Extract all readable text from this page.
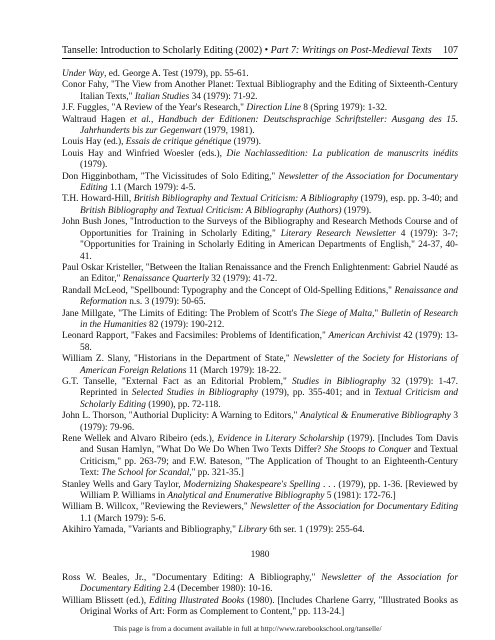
Tanselle: Introduction to Scholarly Editing (2002) • Part 7: Writings on Post-Medieval Texts 107

Under Way, ed. George A. Test (1979), pp. 55-61.

Conor Fahy, "The View from Another Planet: Textual Bibliography and the Editing of Sixteenth-Century Italian Texts," Italian Studies 34 (1979): 71-92.

J.F. Fuggles, "A Review of the Year's Research," Direction Line 8 (Spring 1979): 1-32.

Waltraud Hagen et al., Handbuch der Editionen: Deutschsprachige Schriftsteller: Ausgang des 15. Jahrhunderts bis zur Gegenwart (1979, 1981).

Louis Hay (ed.), Essais de critique génétique (1979).

Louis Hay and Winfried Woesler (eds.), Die Nachlassedition: La publication de manuscrits inédits (1979).

Don Higginbotham, "The Vicissitudes of Solo Editing," Newsletter of the Association for Documentary Editing 1.1 (March 1979): 4-5.

T.H. Howard-Hill, British Bibliography and Textual Criticism: A Bibliography (1979), esp. pp. 3-40; and British Bibliography and Textual Criticism: A Bibliography (Authors) (1979).

John Bush Jones, "Introduction to the Surveys of the Bibliography and Research Methods Course and of Opportunities for Training in Scholarly Editing," Literary Research Newsletter 4 (1979): 3-7; "Opportunities for Training in Scholarly Editing in American Departments of English," 24-37, 40-41.

Paul Oskar Kristeller, "Between the Italian Renaissance and the French Enlightenment: Gabriel Naudé as an Editor," Renaissance Quarterly 32 (1979): 41-72.

Randall McLeod, "Spellbound: Typography and the Concept of Old-Spelling Editions," Renaissance and Reformation n.s. 3 (1979): 50-65.

Jane Millgate, "The Limits of Editing: The Problem of Scott's The Siege of Malta," Bulletin of Research in the Humanities 82 (1979): 190-212.

Leonard Rapport, "Fakes and Facsimiles: Problems of Identification," American Archivist 42 (1979): 13-58.

William Z. Slany, "Historians in the Department of State," Newsletter of the Society for Historians of American Foreign Relations 11 (March 1979): 18-22.

G.T. Tanselle, "External Fact as an Editorial Problem," Studies in Bibliography 32 (1979): 1-47. Reprinted in Selected Studies in Bibliography (1979), pp. 355-401; and in Textual Criticism and Scholarly Editing (1990), pp. 72-118.

John L. Thorson, "Authorial Duplicity: A Warning to Editors," Analytical & Enumerative Bibliography 3 (1979): 79-96.

Rene Wellek and Alvaro Ribeiro (eds.), Evidence in Literary Scholarship (1979). [Includes Tom Davis and Susan Hamlyn, "What Do We Do When Two Texts Differ? She Stoops to Conquer and Textual Criticism," pp. 263-79; and F.W. Bateson, "The Application of Thought to an Eighteenth-Century Text: The School for Scandal," pp. 321-35.]

Stanley Wells and Gary Taylor, Modernizing Shakespeare's Spelling . . . (1979), pp. 1-36. [Reviewed by William P. Williams in Analytical and Enumerative Bibliography 5 (1981): 172-76.]

William B. Willcox, "Reviewing the Reviewers," Newsletter of the Association for Documentary Editing 1.1 (March 1979): 5-6.

Akihiro Yamada, "Variants and Bibliography," Library 6th ser. 1 (1979): 255-64.

1980

Ross W. Beales, Jr., "Documentary Editing: A Bibliography," Newsletter of the Association for Documentary Editing 2.4 (December 1980): 10-16.

William Blissett (ed.), Editing Illustrated Books (1980). [Includes Charlene Garry, "Illustrated Books as Original Works of Art: Form as Complement to Content," pp. 113-24.]

This page is from a document available in full at http://www.rarebookschool.org/tanselle/
